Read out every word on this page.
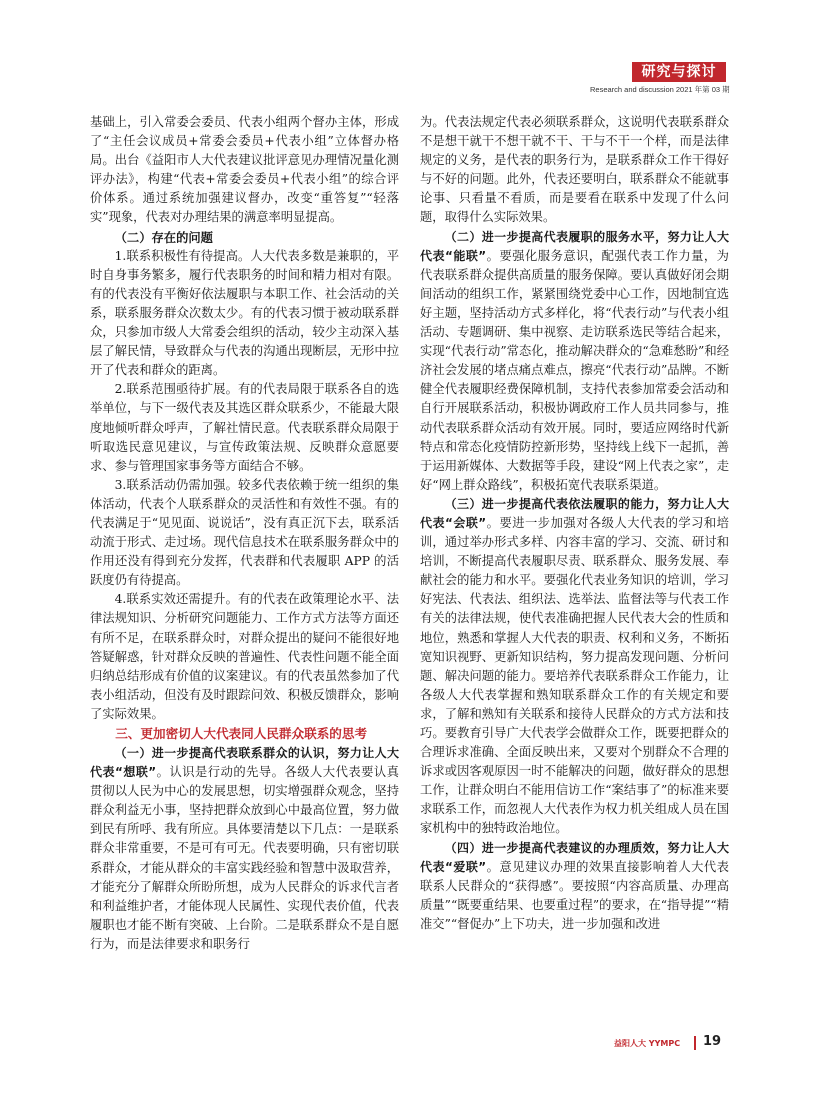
研究与探讨
Research and discussion 2021 年第 03 期

基础上，引入常委会委员、代表小组两个督办主体，形成了“主任会议成员+常委会委员+代表小组”立体督办格局。出台《益阳市人大代表建议批评意见办理情况量化测评办法》，构建“代表+常委会委员+代表小组”的综合评价体系。通过系统加强建议督办，改变“重答复”“轻落实”现象，代表对办理结果的满意率明显提高。

（二）存在的问题

1.联系积极性有待提高。人大代表多数是兼职的，平时自身事务繁多，履行代表职务的时间和精力相对有限。有的代表没有平衡好依法履职与本职工作、社会活动的关系，联系服务群众次数太少。有的代表习惯于被动联系群众，只参加市级人大常委会组织的活动，较少主动深入基层了解民情，导致群众与代表的沟通出现断层，无形中拉开了代表和群众的距离。

2.联系范围亟待扩展。有的代表局限于联系各自的选举单位，与下一级代表及其选区群众联系少，不能最大限度地倾听群众呼声，了解社情民意。代表联系群众局限于听取选民意见建议，与宣传政策法规、反映群众意愿要求、参与管理国家事务等方面结合不够。

3.联系活动仍需加强。较多代表依赖于统一组织的集体活动，代表个人联系群众的灵活性和有效性不强。有的代表满足于“见见面、说说话”，没有真正沉下去，联系活动流于形式、走过场。现代信息技术在联系服务群众中的作用还没有得到充分发挥，代表群和代表履职 APP 的活跃度仍有待提高。

4.联系实效还需提升。有的代表在政策理论水平、法律法规知识、分析研究问题能力、工作方式方法等方面还有所不足，在联系群众时，对群众提出的疑问不能很好地答疑解惑，针对群众反映的普遍性、代表性问题不能全面归纳总结形成有价值的议案建议。有的代表虽然参加了代表小组活动，但没有及时跟踪问效、积极反馈群众，影响了实际效果。

三、更加密切人大代表同人民群众联系的思考

（一）进一步提高代表联系群众的认识，努力让人大代表“想联”。认识是行动的先导。各级人大代表要认真贯彻以人民为中心的发展思想，切实增强群众观念，坚持群众利益无小事，坚持把群众放到心中最高位置，努力做到民有所呼、我有所应。具体要清楚以下几点：一是联系群众非常重要，不是可有可无。代表要明确，只有密切联系群众，才能从群众的丰富实践经验和智慧中汲取营养，才能充分了解群众所盼所想，成为人民群众的诉求代言者和利益维护者，才能体现人民属性、实现代表价值，代表履职也才能不断有突破、上台阶。二是联系群众不是自愿行为，而是法律要求和职务行

为。代表法规定代表必须联系群众，这说明代表联系群众不是想干就干不想干就不干、干与不干一个样，而是法律规定的义务，是代表的职务行为，是联系群众工作干得好与不好的问题。此外，代表还要明白，联系群众不能就事论事、只看量不看质，而是要看在联系中发现了什么问题，取得什么实际效果。

（二）进一步提高代表履职的服务水平，努力让人大代表“能联”。要强化服务意识，配强代表工作力量，为代表联系群众提供高质量的服务保障。要认真做好闭会期间活动的组织工作，紧紧围绕党委中心工作，因地制宜选好主题，坚持活动方式多样化，将“代表行动”与代表小组活动、专题调研、集中视察、走访联系选民等结合起来，实现“代表行动”常态化，推动解决群众的“急难愁盼”和经济社会发展的堵点痛点难点，擦亮“代表行动”品牌。不断健全代表履职经费保障机制，支持代表参加常委会活动和自行开展联系活动，积极协调政府工作人员共同参与，推动代表联系群众活动有效开展。同时，要适应网络时代新特点和常态化疫情防控新形势，坚持线上线下一起抓，善于运用新媒体、大数据等手段，建设“网上代表之家”，走好“网上群众路线”，积极拓宽代表联系渠道。

（三）进一步提高代表依法履职的能力，努力让人大代表“会联”。要进一步加强对各级人大代表的学习和培训，通过举办形式多样、内容丰富的学习、交流、研讨和培训，不断提高代表履职尽责、联系群众、服务发展、奉献社会的能力和水平。要强化代表业务知识的培训，学习好宪法、代表法、组织法、选举法、监督法等与代表工作有关的法律法规，使代表准确把握人民代表大会的性质和地位，熟悉和掌握人大代表的职责、权利和义务，不断拓宽知识视野、更新知识结构，努力提高发现问题、分析问题、解决问题的能力。要培养代表联系群众工作能力，让各级人大代表掌握和熟知联系群众工作的有关规定和要求，了解和熟知有关联系和接待人民群众的方式方法和技巧。要教育引导广大代表学会做群众工作，既要把群众的合理诉求准确、全面反映出来，又要对个别群众不合理的诉求或因客观原因一时不能解决的问题，做好群众的思想工作，让群众明白不能用信访工作“案结事了”的标准来要求联系工作，而忽视人大代表作为权力机关组成人员在国家机构中的独特政治地位。

（四）进一步提高代表建议的办理质效，努力让人大代表“爱联”。意见建议办理的效果直接影响着人大代表联系人民群众的“获得感”。要按照“内容高质量、办理高质量”“既要重结果、也要重过程”的要求，在“指导提”“精准交”“督促办”上下功夫，进一步加强和改进

益阳人大 YYMPC 19
